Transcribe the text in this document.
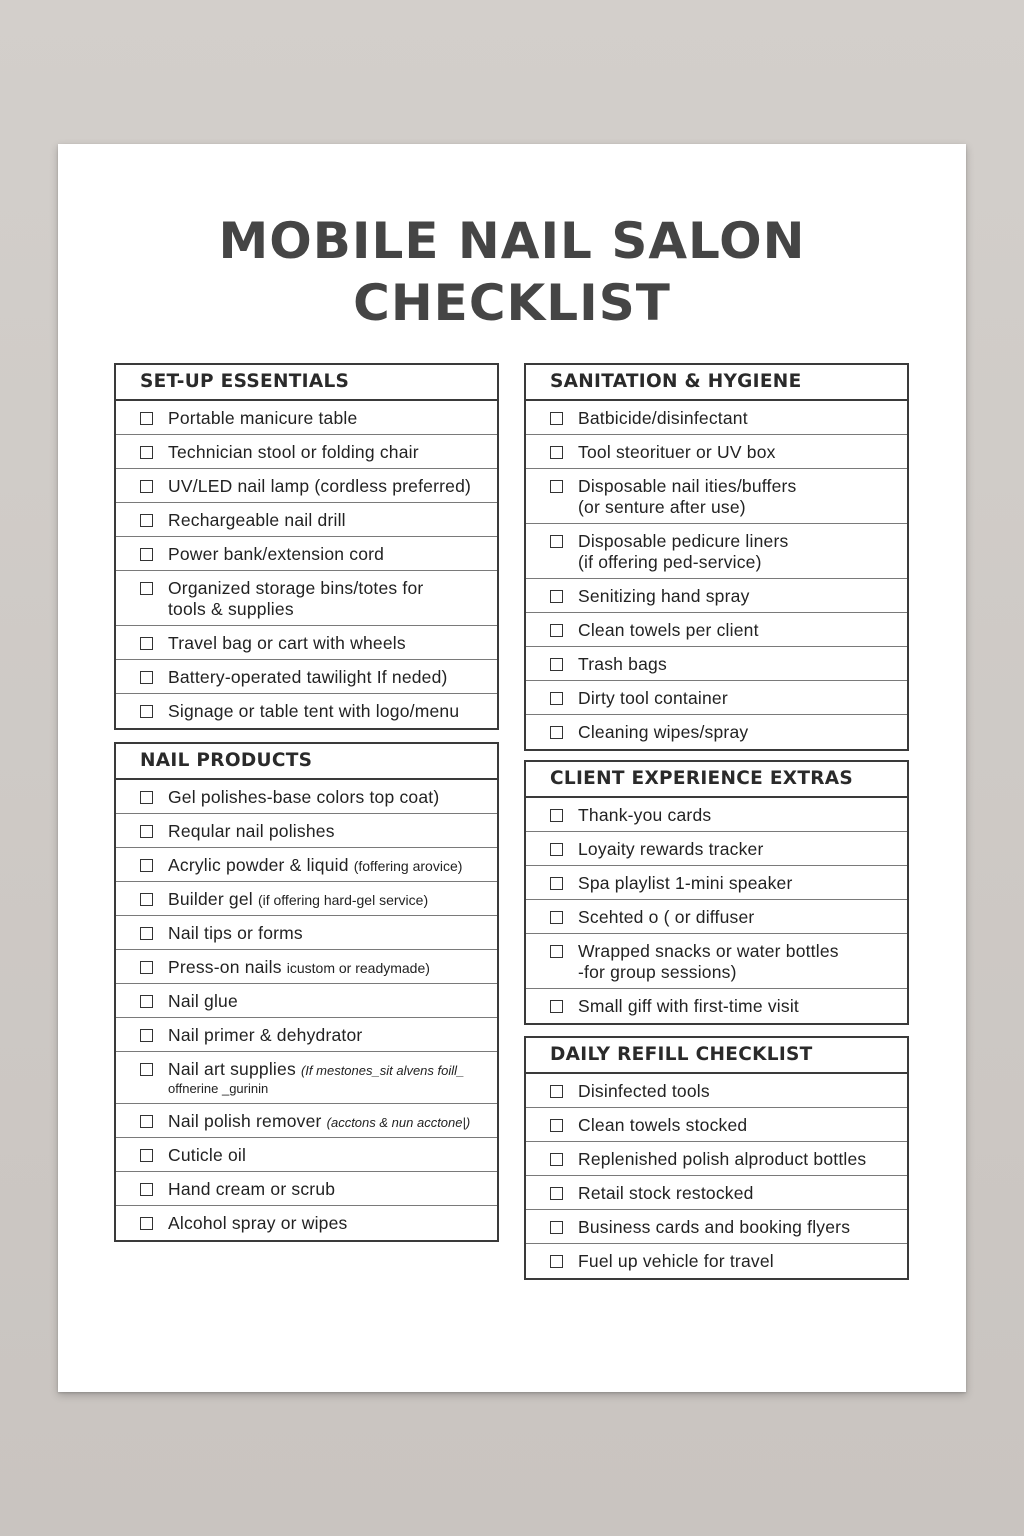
MOBILE NAIL SALON
CHECKLIST
SET-UP ESSENTIALS
Portable manicure table
Technician stool or folding chair
UV/LED nail lamp (cordless preferred)
Rechargeable nail drill
Power bank/extension cord
Organized storage bins/totes for
tools & supplies
Travel bag or cart with wheels
Battery-operated tawilight If neded)
Signage or table tent with logo/menu
NAIL PRODUCTS
Gel polishes-base colors top coat)
Reqular nail polishes
Acrylic powder & liquid (foffering arovice)
Builder gel (if offering hard-gel service)
Nail tips or forms
Press-on nails icustom or readymade)
Nail glue
Nail primer & dehydrator
Nail art supplies (If mestones_sit alvens foill_
offnerine _gurinin
Nail polish remover (acctons & nun acctone|)
Cuticle oil
Hand cream or scrub
Alcohol spray or wipes
SANITATION & HYGIENE
Batbicide/disinfectant
Tool steorituer or UV box
Disposable nail ities/buffers
(or senture after use)
Disposable pedicure liners
(if offering ped-service)
Senitizing hand spray
Clean towels per client
Trash bags
Dirty tool container
Cleaning wipes/spray
CLIENT EXPERIENCE EXTRAS
Thank-you cards
Loyaity rewards tracker
Spa playlist 1-mini speaker
Scehted o ( or diffuser
Wrapped snacks or water bottles
-for group sessions)
Small giff with first-time visit
DAILY REFILL CHECKLIST
Disinfected tools
Clean towels stocked
Replenished polish alproduct bottles
Retail stock restocked
Business cards and booking flyers
Fuel up vehicle for travel
